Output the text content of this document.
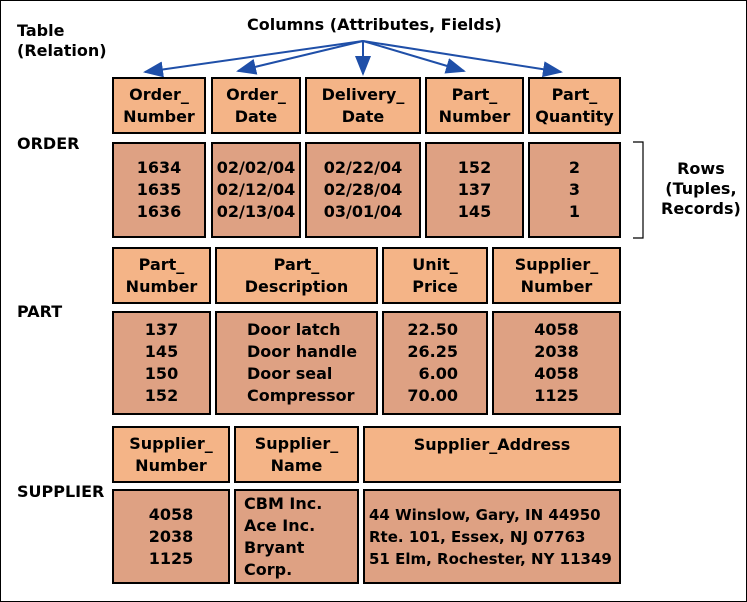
Table
(Relation)
Columns (Attributes, Fields)
Rows
(Tuples,
Records)
ORDER
PART
SUPPLIER
Order_
Number
Order_
Date
Delivery_
Date
Part_
Number
Part_
Quantity
1634
1635
1636
02/02/04
02/12/04
02/13/04
02/22/04
02/28/04
03/01/04
152
137
145
2
3
1
Part_
Number
Part_
Description
Unit_
Price
Supplier_
Number
137
145
150
152
Door latch
Door handle
Door seal
Compressor
22.50
26.25
6.00
70.00
4058
2038
4058
1125
Supplier_
Number
Supplier_
Name
Supplier_Address
4058
2038
1125
CBM Inc.
Ace Inc.
Bryant Corp.
44 Winslow, Gary, IN 44950
Rte. 101, Essex, NJ 07763
51 Elm, Rochester, NY 11349
